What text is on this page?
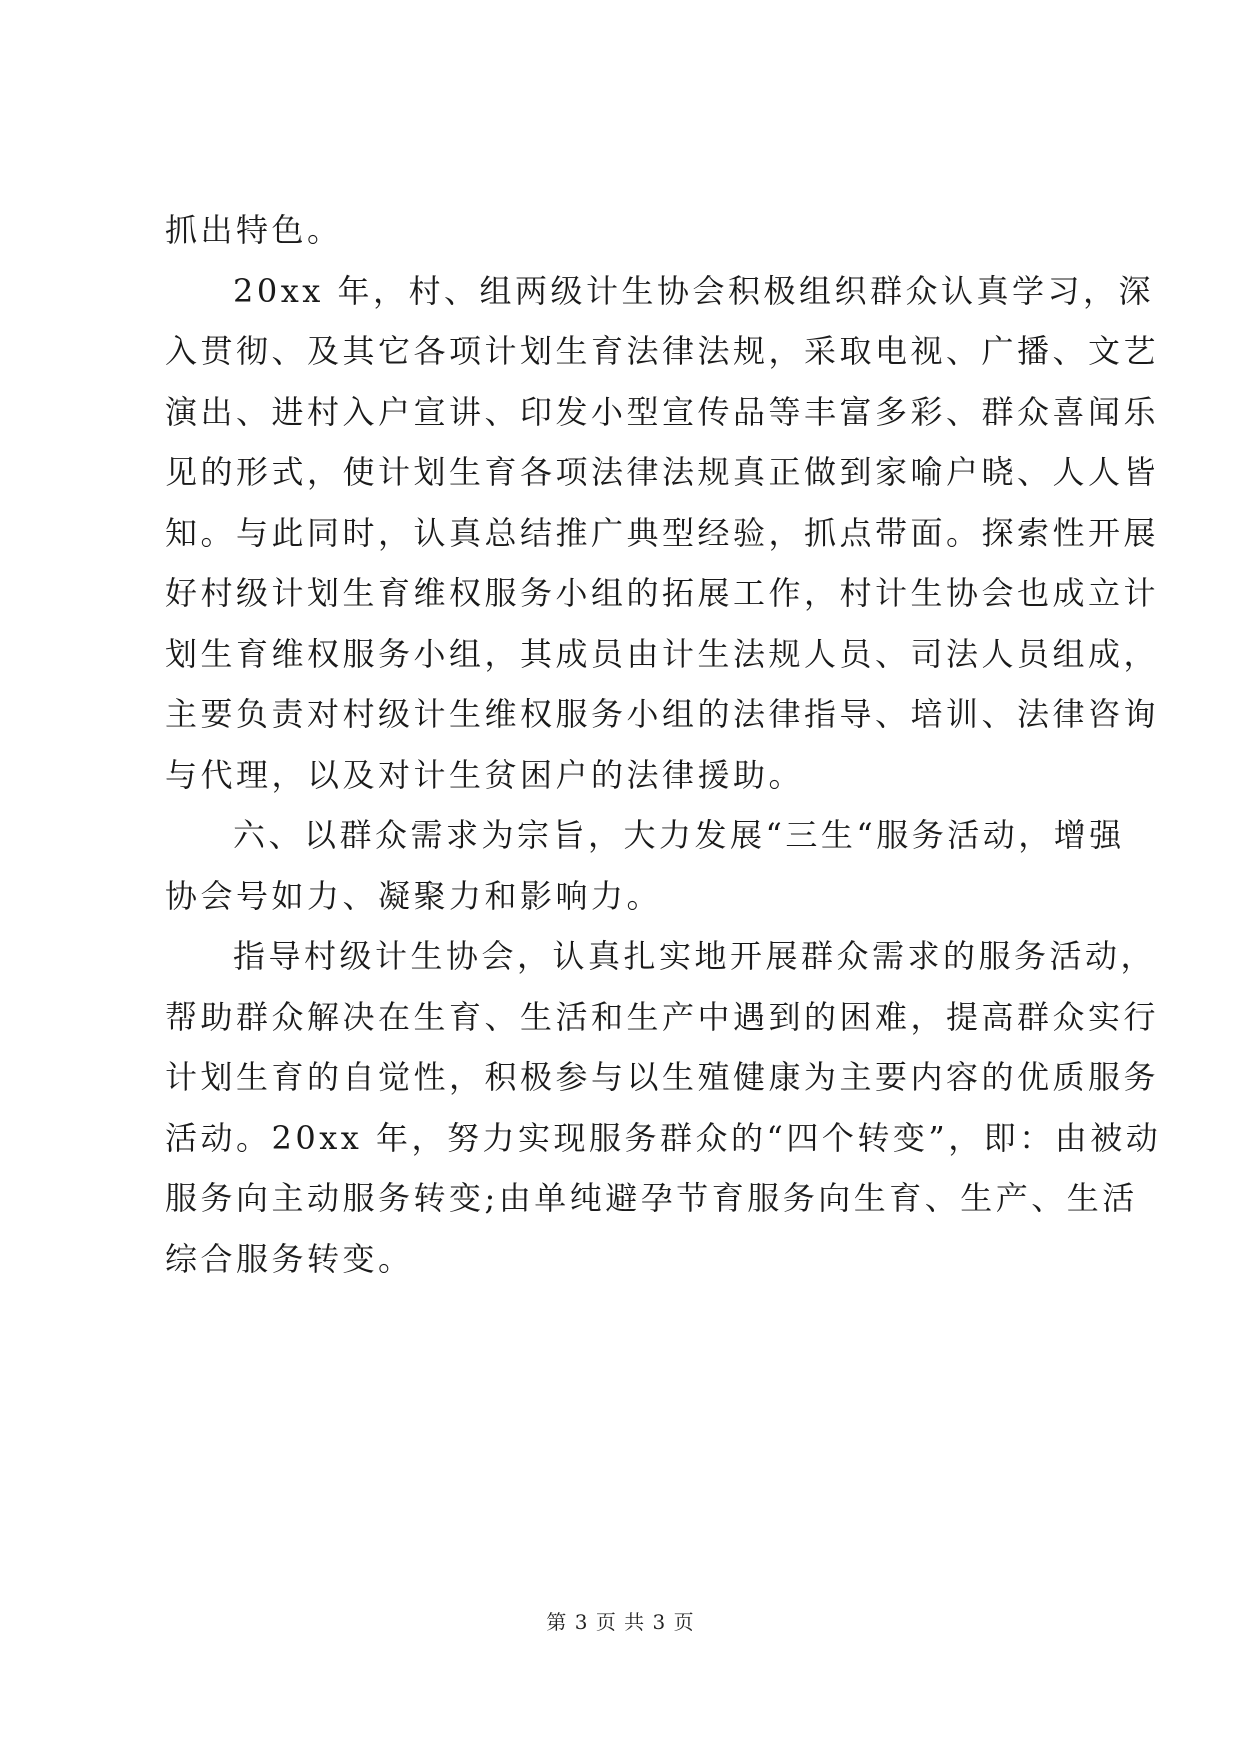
抓出特色。
20xx 年，村、组两级计生协会积极组织群众认真学习，深
入贯彻、及其它各项计划生育法律法规，采取电视、广播、文艺
演出、进村入户宣讲、印发小型宣传品等丰富多彩、群众喜闻乐
见的形式，使计划生育各项法律法规真正做到家喻户晓、人人皆
知。与此同时，认真总结推广典型经验，抓点带面。探索性开展
好村级计划生育维权服务小组的拓展工作，村计生协会也成立计
划生育维权服务小组，其成员由计生法规人员、司法人员组成，
主要负责对村级计生维权服务小组的法律指导、培训、法律咨询
与代理，以及对计生贫困户的法律援助。
六、以群众需求为宗旨，大力发展“三生“服务活动，增强
协会号如力、凝聚力和影响力。
指导村级计生协会，认真扎实地开展群众需求的服务活动，
帮助群众解决在生育、生活和生产中遇到的困难，提高群众实行
计划生育的自觉性，积极参与以生殖健康为主要内容的优质服务
活动。20xx 年，努力实现服务群众的“四个转变”，即：由被动
服务向主动服务转变;由单纯避孕节育服务向生育、生产、生活
综合服务转变。
第 3 页 共 3 页
